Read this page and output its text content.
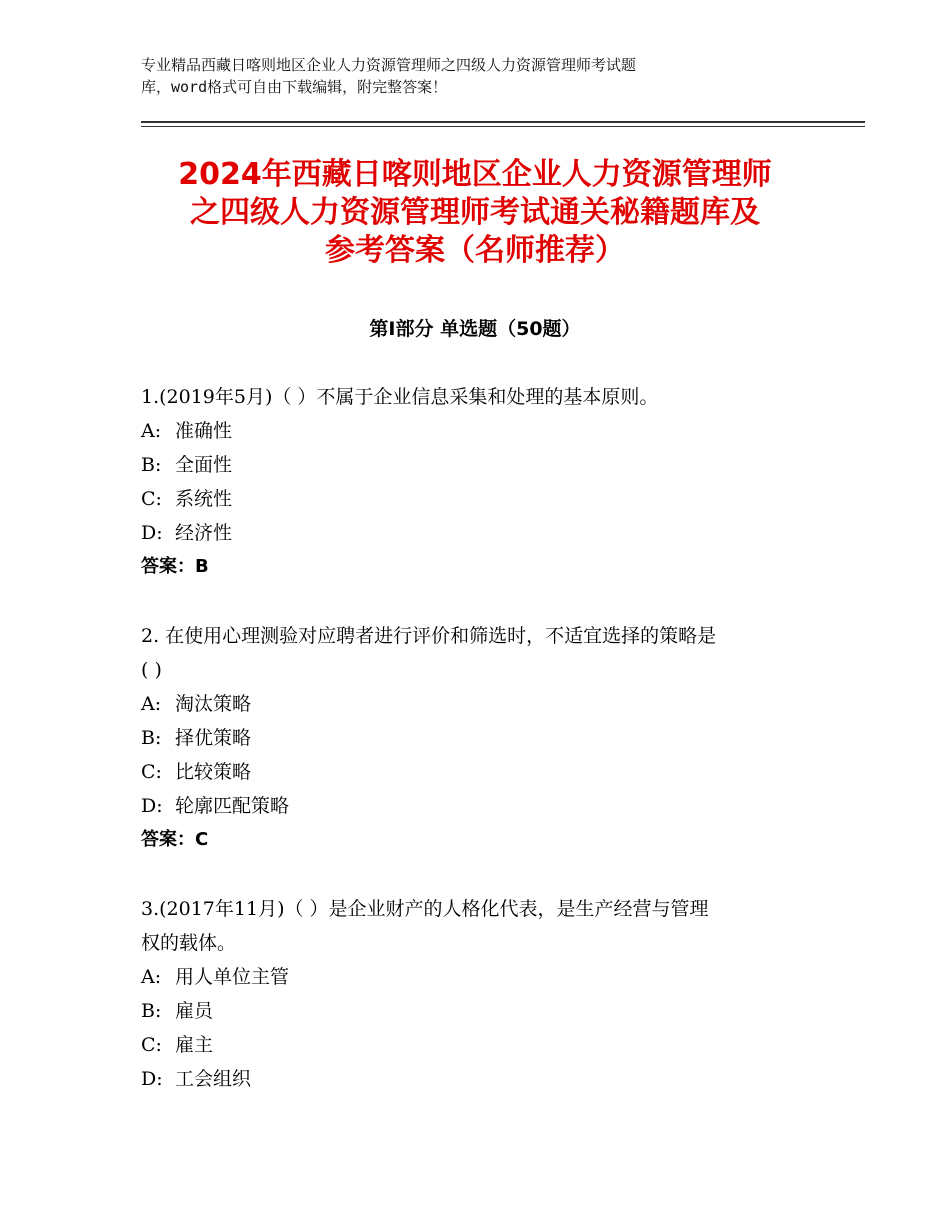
专业精品西藏日喀则地区企业人力资源管理师之四级人力资源管理师考试题
库，word格式可自由下载编辑，附完整答案！
2024年西藏日喀则地区企业人力资源管理师
之四级人力资源管理师考试通关秘籍题库及
参考答案（名师推荐）
第Ⅰ部分 单选题（50题）
1.(2019年5月)（ ）不属于企业信息采集和处理的基本原则。
A: 准确性
B: 全面性
C: 系统性
D: 经济性
答案：B
2. 在使用心理测验对应聘者进行评价和筛选时，不适宜选择的策略是
( )
A: 淘汰策略
B: 择优策略
C: 比较策略
D: 轮廓匹配策略
答案：C
3.(2017年11月)（ ）是企业财产的人格化代表，是生产经营与管理
权的载体。
A: 用人单位主管
B: 雇员
C: 雇主
D: 工会组织
